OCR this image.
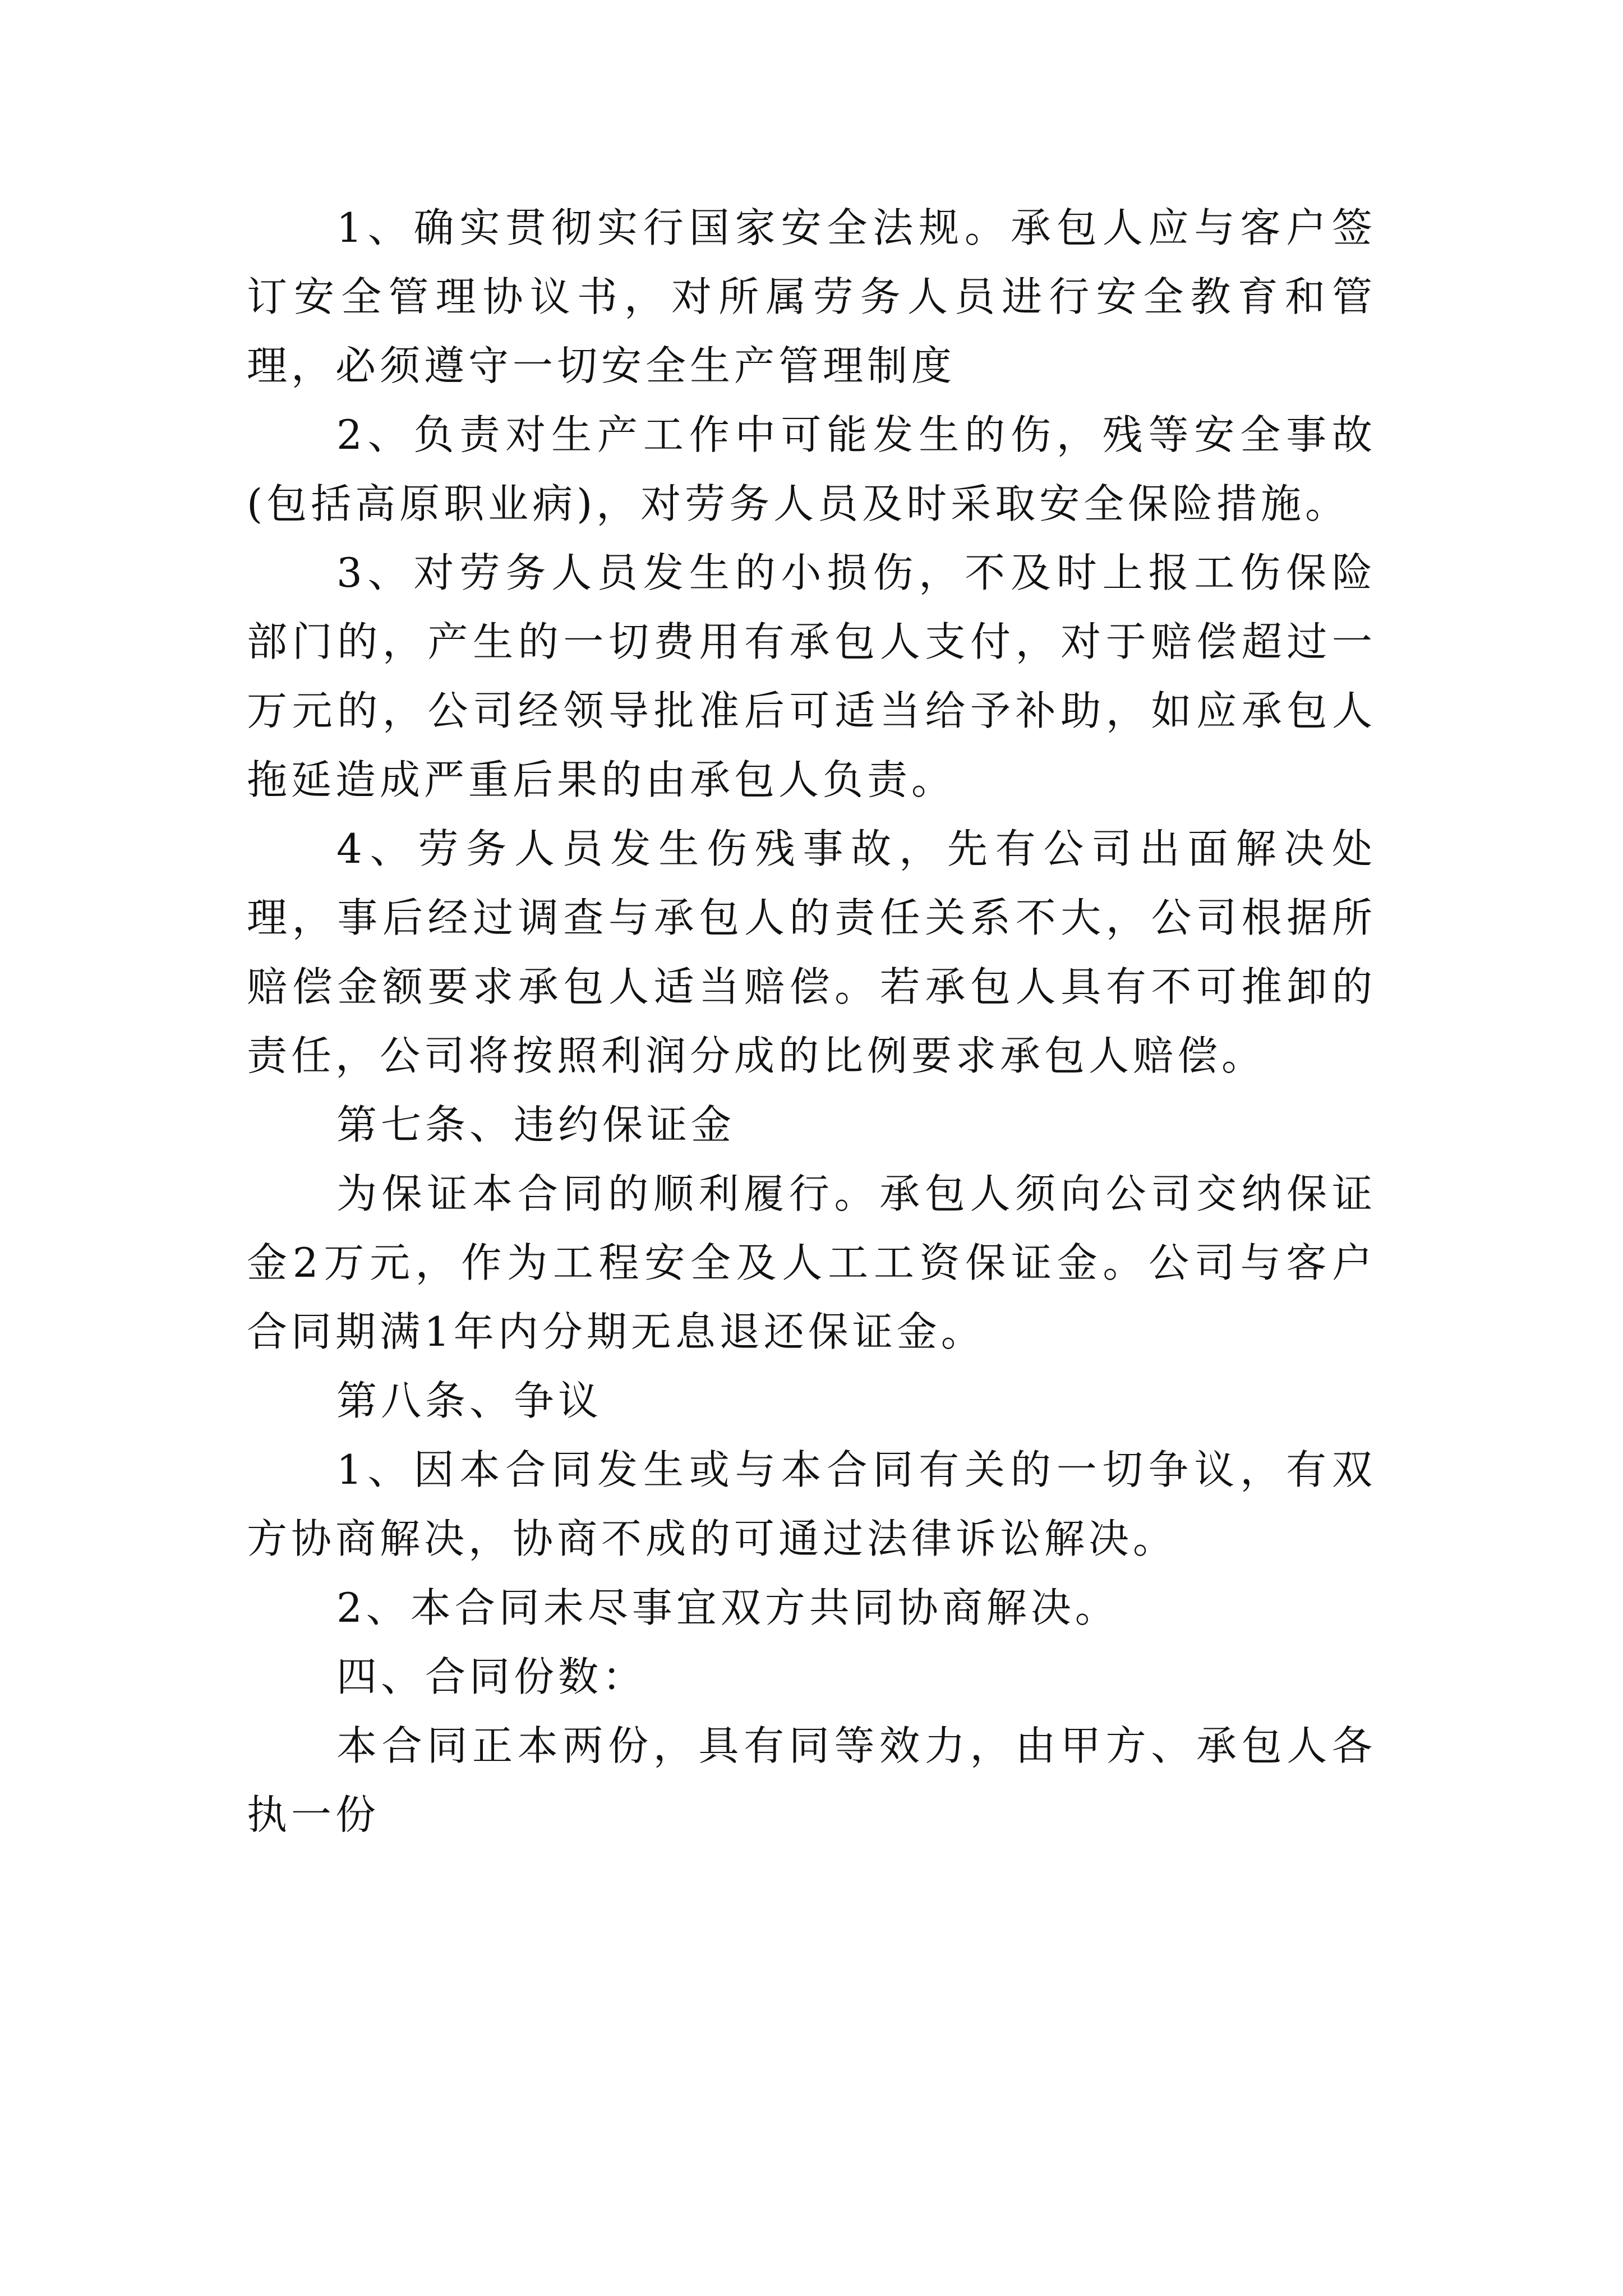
1、确实贯彻实行国家安全法规。承包人应与客户签订安全管理协议书，对所属劳务人员进行安全教育和管理，必须遵守一切安全生产管理制度

2、负责对生产工作中可能发生的伤，残等安全事故(包括高原职业病)，对劳务人员及时采取安全保险措施。

3、对劳务人员发生的小损伤，不及时上报工伤保险部门的，产生的一切费用有承包人支付，对于赔偿超过一万元的，公司经领导批准后可适当给予补助，如应承包人拖延造成严重后果的由承包人负责。

4、劳务人员发生伤残事故，先有公司出面解决处理，事后经过调查与承包人的责任关系不大，公司根据所赔偿金额要求承包人适当赔偿。若承包人具有不可推卸的责任，公司将按照利润分成的比例要求承包人赔偿。

第七条、违约保证金

为保证本合同的顺利履行。承包人须向公司交纳保证金2万元，作为工程安全及人工工资保证金。公司与客户合同期满1年内分期无息退还保证金。

第八条、争议

1、因本合同发生或与本合同有关的一切争议，有双方协商解决，协商不成的可通过法律诉讼解决。

2、本合同未尽事宜双方共同协商解决。

四、合同份数：

本合同正本两份，具有同等效力，由甲方、承包人各执一份
